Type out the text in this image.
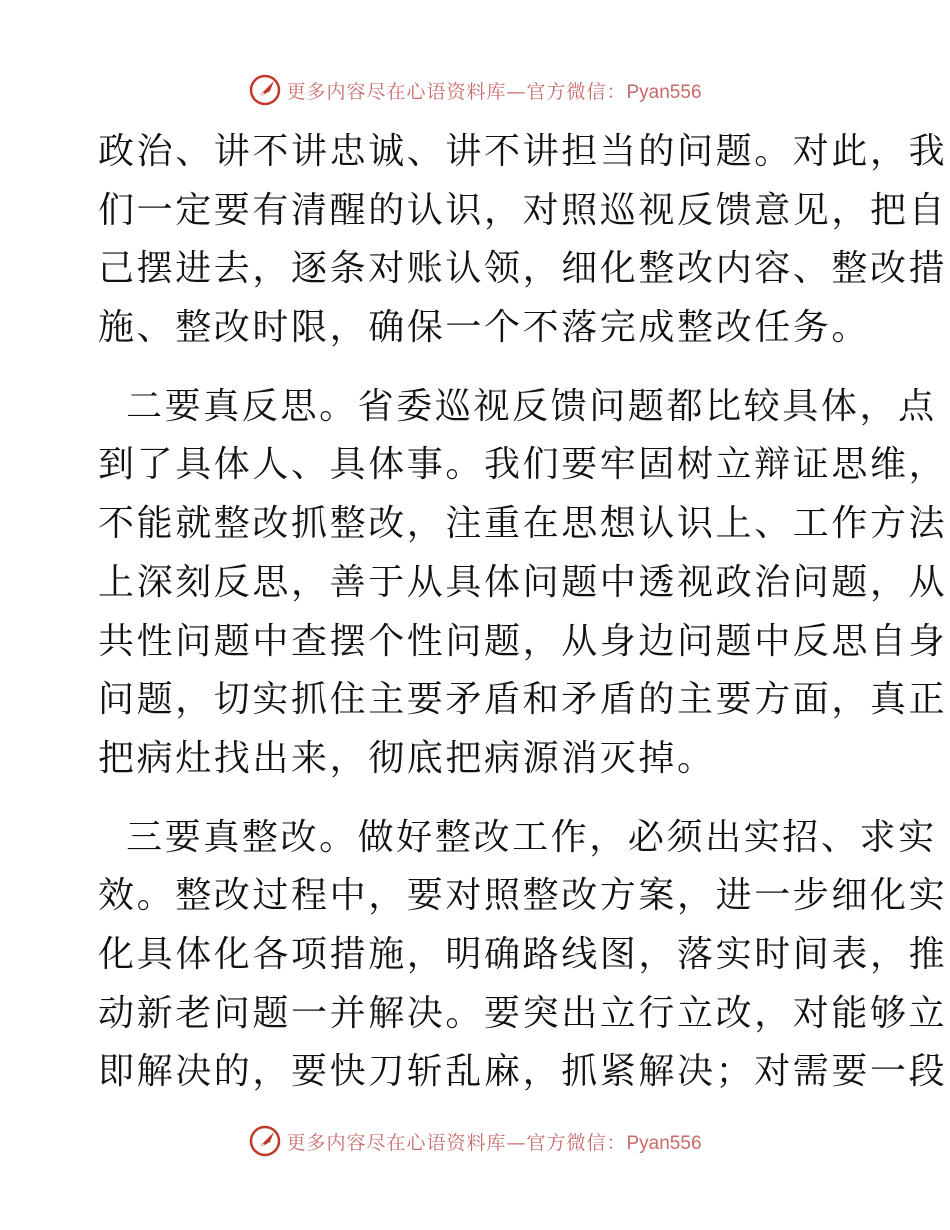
更多内容尽在心语资料库—官方微信：Pyan556
政治、讲不讲忠诚、讲不讲担当的问题。对此，我
们一定要有清醒的认识，对照巡视反馈意见，把自
己摆进去，逐条对账认领，细化整改内容、整改措
施、整改时限，确保一个不落完成整改任务。
二要真反思。省委巡视反馈问题都比较具体，点
到了具体人、具体事。我们要牢固树立辩证思维，
不能就整改抓整改，注重在思想认识上、工作方法
上深刻反思，善于从具体问题中透视政治问题，从
共性问题中查摆个性问题，从身边问题中反思自身
问题，切实抓住主要矛盾和矛盾的主要方面，真正
把病灶找出来，彻底把病源消灭掉。
三要真整改。做好整改工作，必须出实招、求实
效。整改过程中，要对照整改方案，进一步细化实
化具体化各项措施，明确路线图，落实时间表，推
动新老问题一并解决。要突出立行立改，对能够立
即解决的，要快刀斩乱麻，抓紧解决；对需要一段
更多内容尽在心语资料库—官方微信：Pyan556
